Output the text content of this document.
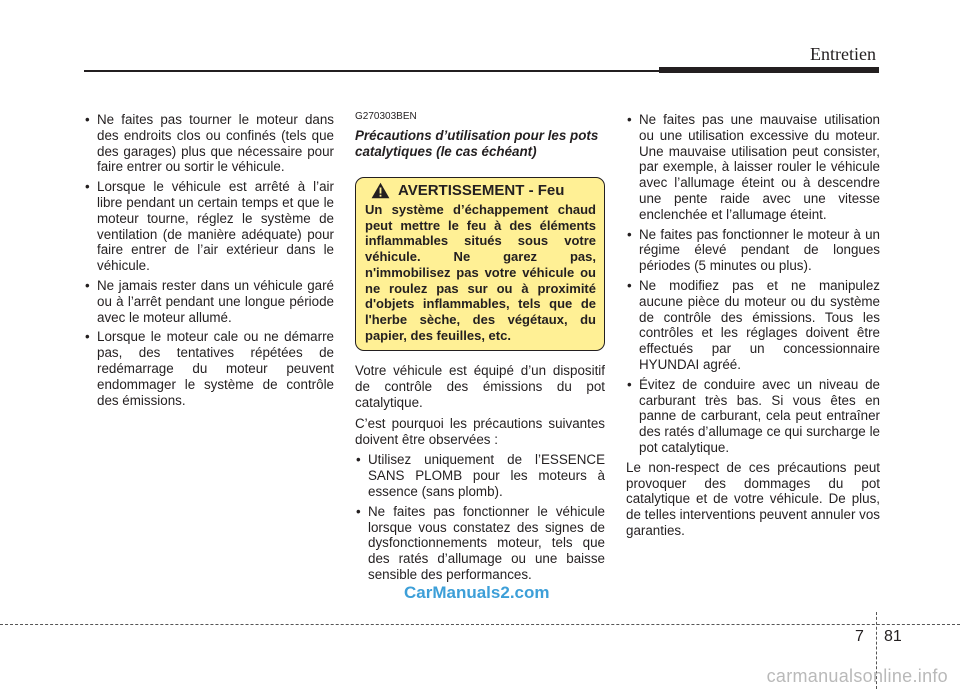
Entretien
• Ne faites pas tourner le moteur dans des endroits clos ou confinés (tels que des garages) plus que nécessaire pour faire entrer ou sortir le véhicule.
• Lorsque le véhicule est arrêté à l’air libre pendant un certain temps et que le moteur tourne, réglez le système de ventilation (de manière adéquate) pour faire entrer de l’air extérieur dans le véhicule.
• Ne jamais rester dans un véhicule garé ou à l’arrêt pendant une longue période avec le moteur allumé.
• Lorsque le moteur cale ou ne démarre pas, des tentatives répétées de redémarrage du moteur peuvent endommager le système de contrôle des émissions.
G270303BEN
Précautions d’utilisation pour les pots catalytiques (le cas échéant)
AVERTISSEMENT - Feu
Un système d’échappement chaud peut mettre le feu à des éléments inflammables situés sous votre véhicule. Ne garez pas, n'immobilisez pas votre véhicule ou ne roulez pas sur ou à proximité d'objets inflammables, tels que de l'herbe sèche, des végétaux, du papier, des feuilles, etc.

Votre véhicule est équipé d’un dispositif de contrôle des émissions du pot catalytique.

C’est pourquoi les précautions suivantes doivent être observées :

• Utilisez uniquement de l’ESSENCE SANS PLOMB pour les moteurs à essence (sans plomb).
• Ne faites pas fonctionner le véhicule lorsque vous constatez des signes de dysfonctionnements moteur, tels que des ratés d’allumage ou une baisse sensible des performances.
• Ne faites pas une mauvaise utilisation ou une utilisation excessive du moteur. Une mauvaise utilisation peut consister, par exemple, à laisser rouler le véhicule avec l’allumage éteint ou à descendre une pente raide avec une vitesse enclenchée et l’allumage éteint.
• Ne faites pas fonctionner le moteur à un régime élevé pendant de longues périodes (5 minutes ou plus).
• Ne modifiez pas et ne manipulez aucune pièce du moteur ou du système de contrôle des émissions. Tous les contrôles et les réglages doivent être effectués par un concessionnaire HYUNDAI agréé.
• Évitez de conduire avec un niveau de carburant très bas. Si vous êtes en panne de carburant, cela peut entraîner des ratés d’allumage ce qui surcharge le pot catalytique.

Le non-respect de ces précautions peut provoquer des dommages du pot catalytique et de votre véhicule. De plus, de telles interventions peuvent annuler vos garanties.

CarManuals2.com
7 81
carmanualsonline.info
